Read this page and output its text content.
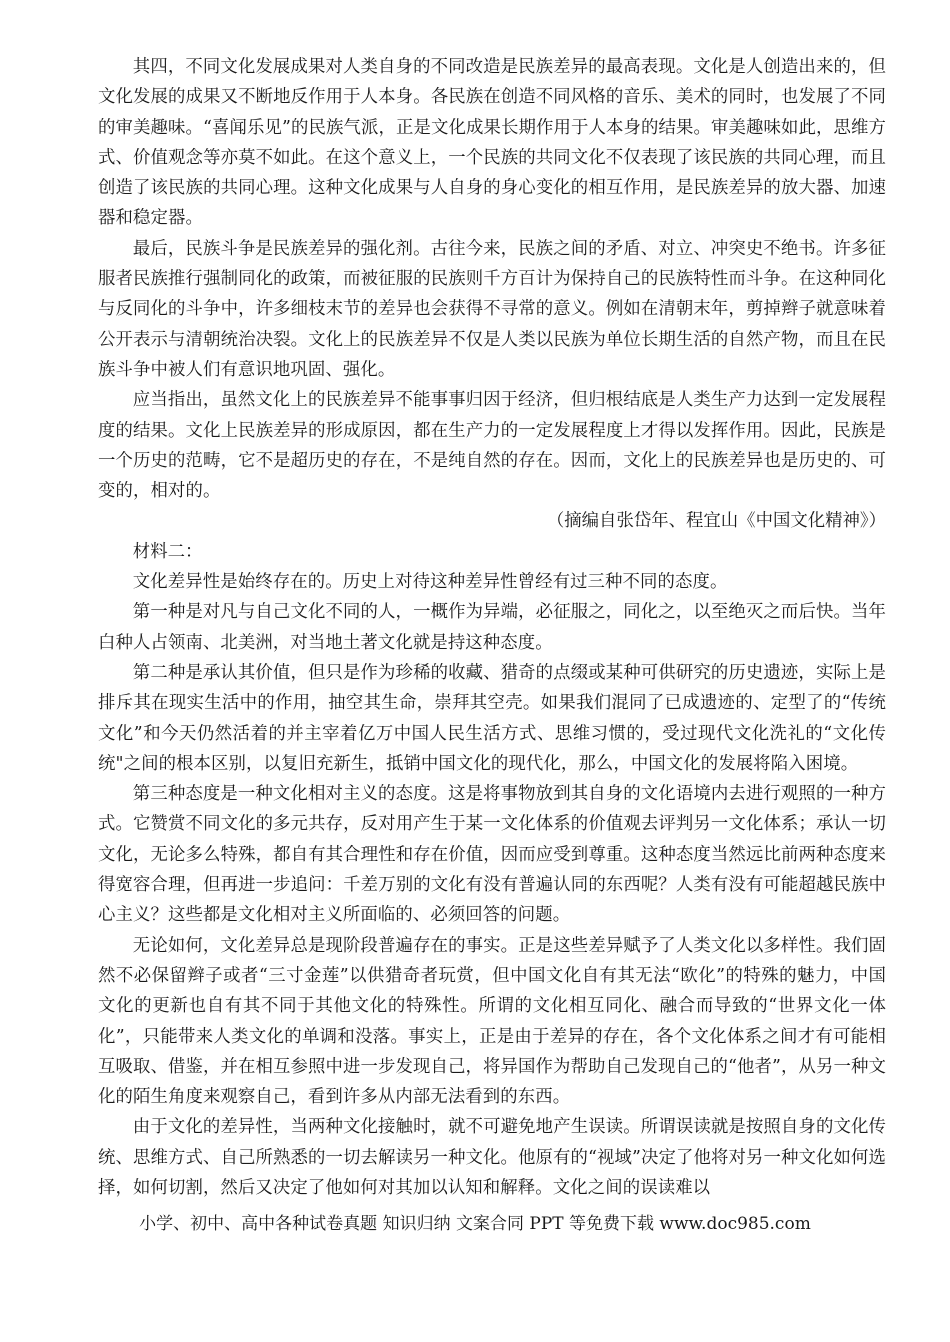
其四，不同文化发展成果对人类自身的不同改造是民族差异的最高表现。文化是人创造出来的，但文化发展的成果又不断地反作用于人本身。各民族在创造不同风格的音乐、美术的同时，也发展了不同的审美趣味。“喜闻乐见”的民族气派，正是文化成果长期作用于人本身的结果。审美趣味如此，思维方式、价值观念等亦莫不如此。在这个意义上，一个民族的共同文化不仅表现了该民族的共同心理，而且创造了该民族的共同心理。这种文化成果与人自身的身心变化的相互作用，是民族差异的放大器、加速器和稳定器。

最后，民族斗争是民族差异的强化剂。古往今来，民族之间的矛盾、对立、冲突史不绝书。许多征服者民族推行强制同化的政策，而被征服的民族则千方百计为保持自己的民族特性而斗争。在这种同化与反同化的斗争中，许多细枝末节的差异也会获得不寻常的意义。例如在清朝末年，剪掉辫子就意味着公开表示与清朝统治决裂。文化上的民族差异不仅是人类以民族为单位长期生活的自然产物，而且在民族斗争中被人们有意识地巩固、强化。

应当指出，虽然文化上的民族差异不能事事归因于经济，但归根结底是人类生产力达到一定发展程度的结果。文化上民族差异的形成原因，都在生产力的一定发展程度上才得以发挥作用。因此，民族是一个历史的范畴，它不是超历史的存在，不是纯自然的存在。因而，文化上的民族差异也是历史的、可变的，相对的。

（摘编自张岱年、程宜山《中国文化精神》）

材料二：

文化差异性是始终存在的。历史上对待这种差异性曾经有过三种不同的态度。

第一种是对凡与自己文化不同的人，一概作为异端，必征服之，同化之，以至绝灭之而后快。当年白种人占领南、北美洲，对当地土著文化就是持这种态度。

第二种是承认其价值，但只是作为珍稀的收藏、猎奇的点缀或某种可供研究的历史遗迹，实际上是排斥其在现实生活中的作用，抽空其生命，崇拜其空壳。如果我们混同了已成遗迹的、定型了的“传统文化”和今天仍然活着的并主宰着亿万中国人民生活方式、思维习惯的，受过现代文化洗礼的“文化传统"之间的根本区别，以复旧充新生，抵销中国文化的现代化，那么，中国文化的发展将陷入困境。

第三种态度是一种文化相对主义的态度。这是将事物放到其自身的文化语境内去进行观照的一种方式。它赞赏不同文化的多元共存，反对用产生于某一文化体系的价值观去评判另一文化体系；承认一切文化，无论多么特殊，都自有其合理性和存在价值，因而应受到尊重。这种态度当然远比前两种态度来得宽容合理，但再进一步追问：千差万别的文化有没有普遍认同的东西呢？人类有没有可能超越民族中心主义？这些都是文化相对主义所面临的、必须回答的问题。

无论如何，文化差异总是现阶段普遍存在的事实。正是这些差异赋予了人类文化以多样性。我们固然不必保留辫子或者“三寸金莲”以供猎奇者玩赏，但中国文化自有其无法“欧化”的特殊的魅力，中国文化的更新也自有其不同于其他文化的特殊性。所谓的文化相互同化、融合而导致的“世界文化一体化”，只能带来人类文化的单调和没落。事实上，正是由于差异的存在，各个文化体系之间才有可能相互吸取、借鉴，并在相互参照中进一步发现自己，将异国作为帮助自己发现自己的“他者”，从另一种文化的陌生角度来观察自己，看到许多从内部无法看到的东西。

由于文化的差异性，当两种文化接触时，就不可避免地产生误读。所谓误读就是按照自身的文化传统、思维方式、自己所熟悉的一切去解读另一种文化。他原有的“视域”决定了他将对另一种文化如何选择，如何切割，然后又决定了他如何对其加以认知和解释。文化之间的误读难以

小学、初中、高中各种试卷真题 知识归纳 文案合同 PPT 等免费下载 www.doc985.com
